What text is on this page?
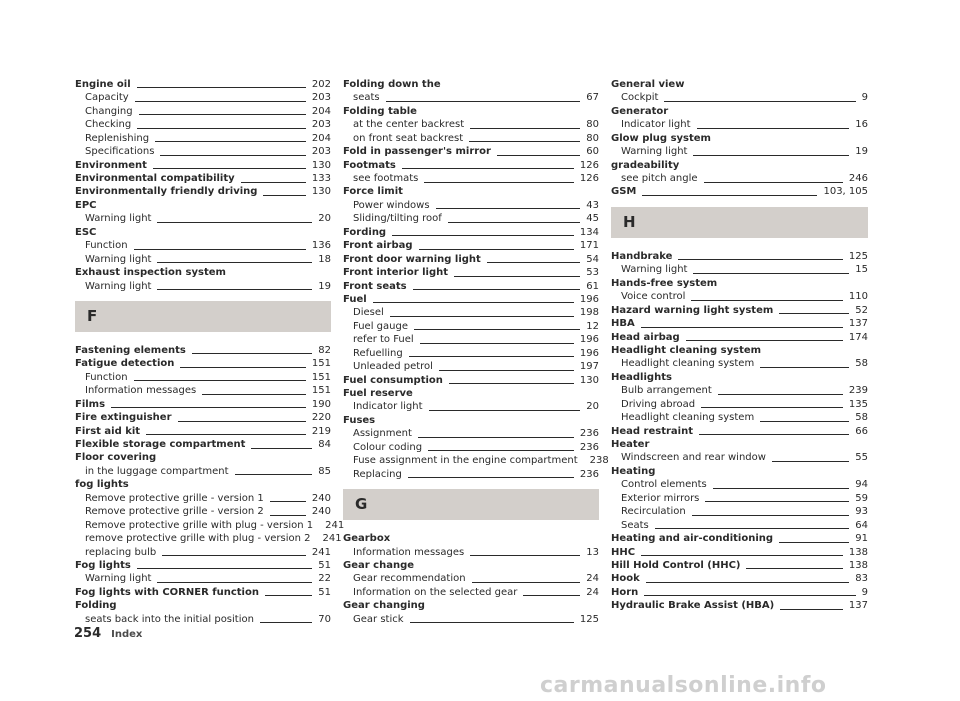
Engine oil	202
Capacity	203
Changing	204
Checking	203
Replenishing	204
Specifications	203
Environment	130
Environmental compatibility	133
Environmentally friendly driving	130
EPC
Warning light	20
ESC
Function	136
Warning light	18
Exhaust inspection system
Warning light	19
F
Fastening elements	82
Fatigue detection	151
Function	151
Information messages	151
Films	190
Fire extinguisher	220
First aid kit	219
Flexible storage compartment	84
Floor covering
in the luggage compartment	85
fog lights
Remove protective grille - version 1	240
Remove protective grille - version 2	240
Remove protective grille with plug - version 1 241
remove protective grille with plug - version 2 241
replacing bulb	241
Fog lights	51
Warning light	22
Fog lights with CORNER function	51
Folding
seats back into the initial position	70
Folding down the
seats	67
Folding table
at the center backrest	80
on front seat backrest	80
Fold in passenger's mirror	60
Footmats	126
see footmats	126
Force limit
Power windows	43
Sliding/tilting roof	45
Fording	134
Front airbag	171
Front door warning light	54
Front interior light	53
Front seats	61
Fuel	196
Diesel	198
Fuel gauge	12
refer to Fuel	196
Refuelling	196
Unleaded petrol	197
Fuel consumption	130
Fuel reserve
Indicator light	20
Fuses
Assignment	236
Colour coding	236
Fuse assignment in the engine compartment 238
Replacing	236
G
Gearbox
Information messages	13
Gear change
Gear recommendation	24
Information on the selected gear	24
Gear changing
Gear stick	125
General view
Cockpit	9
Generator
Indicator light	16
Glow plug system
Warning light	19
gradeability
see pitch angle	246
GSM	103, 105
H
Handbrake	125
Warning light	15
Hands-free system
Voice control	110
Hazard warning light system	52
HBA	137
Head airbag	174
Headlight cleaning system
Headlight cleaning system	58
Headlights
Bulb arrangement	239
Driving abroad	135
Headlight cleaning system	58
Head restraint	66
Heater
Windscreen and rear window	55
Heating
Control elements	94
Exterior mirrors	59
Recirculation	93
Seats	64
Heating and air-conditioning	91
HHC	138
Hill Hold Control (HHC)	138
Hook	83
Horn	9
Hydraulic Brake Assist (HBA)	137
254 Index
carmanualsonline.info
